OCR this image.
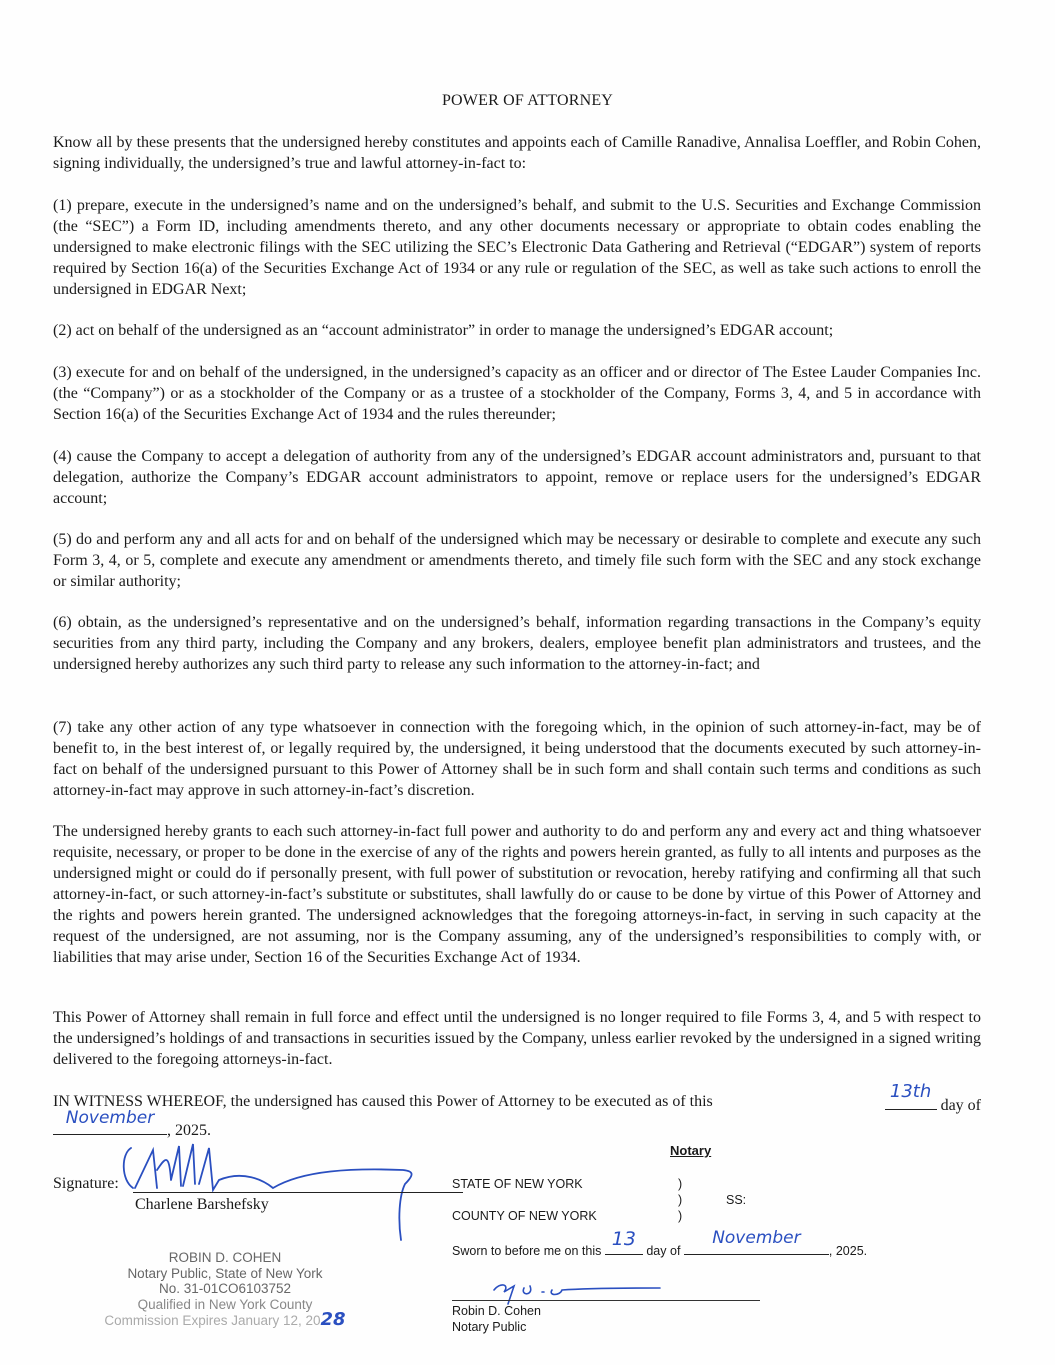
POWER OF ATTORNEY
Know all by these presents that the undersigned hereby constitutes and appoints each of Camille Ranadive, Annalisa Loeffler, and Robin Cohen, signing individually, the undersigned’s true and lawful attorney-in-fact to:
(1) prepare, execute in the undersigned’s name and on the undersigned’s behalf, and submit to the U.S. Securities and Exchange Commission (the “SEC”) a Form ID, including amendments thereto, and any other documents necessary or appropriate to obtain codes enabling the undersigned to make electronic filings with the SEC utilizing the SEC’s Electronic Data Gathering and Retrieval (“EDGAR”) system of reports required by Section 16(a) of the Securities Exchange Act of 1934 or any rule or regulation of the SEC, as well as take such actions to enroll the undersigned in EDGAR Next;
(2) act on behalf of the undersigned as an “account administrator” in order to manage the undersigned’s EDGAR account;
(3) execute for and on behalf of the undersigned, in the undersigned’s capacity as an officer and or director of The Estee Lauder Companies Inc. (the “Company”) or as a stockholder of the Company or as a trustee of a stockholder of the Company, Forms 3, 4, and 5 in accordance with Section 16(a) of the Securities Exchange Act of 1934 and the rules thereunder;
(4) cause the Company to accept a delegation of authority from any of the undersigned’s EDGAR account administrators and, pursuant to that delegation, authorize the Company’s EDGAR account administrators to appoint, remove or replace users for the undersigned’s EDGAR account;
(5) do and perform any and all acts for and on behalf of the undersigned which may be necessary or desirable to complete and execute any such Form 3, 4, or 5, complete and execute any amendment or amendments thereto, and timely file such form with the SEC and any stock exchange or similar authority;
(6) obtain, as the undersigned’s representative and on the undersigned’s behalf, information regarding transactions in the Company’s equity securities from any third party, including the Company and any brokers, dealers, employee benefit plan administrators and trustees, and the undersigned hereby authorizes any such third party to release any such information to the attorney-in-fact; and
(7) take any other action of any type whatsoever in connection with the foregoing which, in the opinion of such attorney-in-fact, may be of benefit to, in the best interest of, or legally required by, the undersigned, it being understood that the documents executed by such attorney-in-fact on behalf of the undersigned pursuant to this Power of Attorney shall be in such form and shall contain such terms and conditions as such attorney-in-fact may approve in such attorney-in-fact’s discretion.
The undersigned hereby grants to each such attorney-in-fact full power and authority to do and perform any and every act and thing whatsoever requisite, necessary, or proper to be done in the exercise of any of the rights and powers herein granted, as fully to all intents and purposes as the undersigned might or could do if personally present, with full power of substitution or revocation, hereby ratifying and confirming all that such attorney-in-fact, or such attorney-in-fact’s substitute or substitutes, shall lawfully do or cause to be done by virtue of this Power of Attorney and the rights and powers herein granted. The undersigned acknowledges that the foregoing attorneys-in-fact, in serving in such capacity at the request of the undersigned, are not assuming, nor is the Company assuming, any of the undersigned’s responsibilities to comply with, or liabilities that may arise under, Section 16 of the Securities Exchange Act of 1934.
This Power of Attorney shall remain in full force and effect until the undersigned is no longer required to file Forms 3, 4, and 5 with respect to the undersigned’s holdings of and transactions in securities issued by the Company, unless earlier revoked by the undersigned in a signed writing delivered to the foregoing attorneys-in-fact.
IN WITNESS WHEREOF, the undersigned has caused this Power of Attorney to be executed as of this	13th
day of
November
, 2025.
Signature:
Charlene Barshefsky
ROBIN D. COHEN
Notary Public, State of New York
No. 31-01CO6103752
Qualified in New York County
Commission Expires January 12, 2028
Notary
STATE OF NEW YORK	)
)
)
SS:
COUNTY OF NEW YORK
Sworn to before me on this
13
day of
November
, 2025.
Robin D. Cohen
Notary Public
